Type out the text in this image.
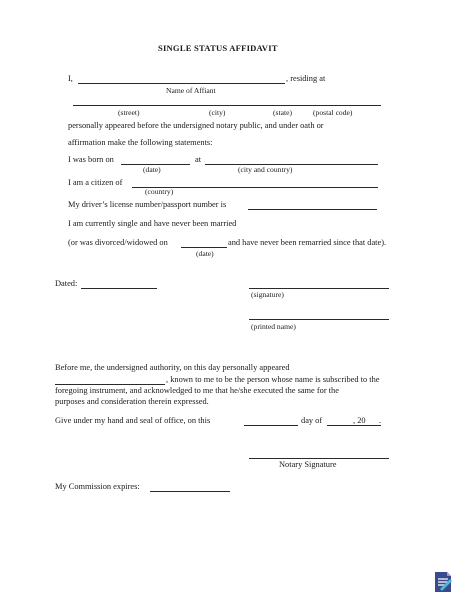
SINGLE STATUS AFFIDAVIT
I,	, residing at
Name of Affiant
(street)	(city)	(state)	(postal code)
personally appeared before the undersigned notary public, and under oath or
affirmation make the following statements:
I was born on	at
(date)	(city and country)
I am a citizen of
(country)
My driver’s license number/passport number is
I am currently single and have never been married
(or was divorced/widowed on	and have never been remarried since that date).
(date)
Dated:
(signature)
(printed name)
Before me, the undersigned authority, on this day personally appeared
, known to me to be the person whose name is subscribed to the
foregoing instrument, and acknowledged to me that he/she executed the same for the
purposes and consideration therein expressed.
Give under my hand and seal of office, on this	day of	, 20 .
Notary Signature
My Commission expires:
